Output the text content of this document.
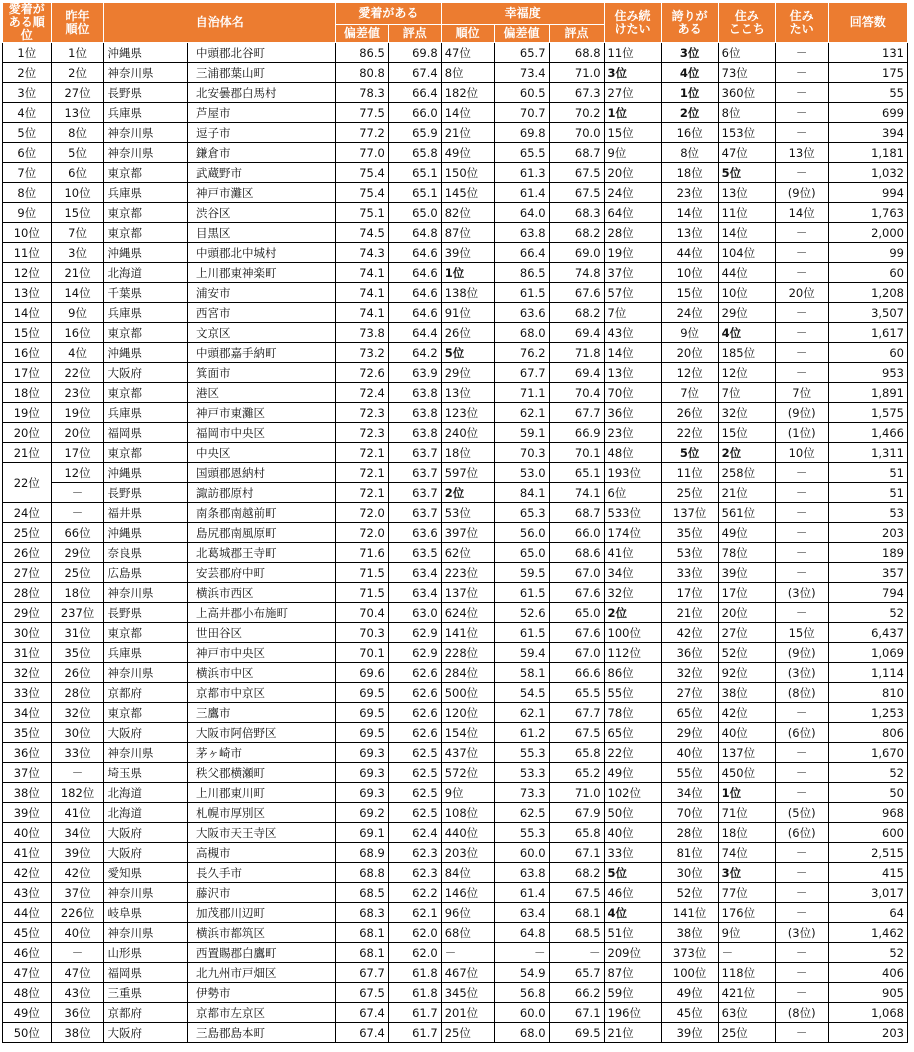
愛着が
ある順位	昨年
順位	自治体名		愛着がある		幸福度			住み続
けたい	誇りが
ある	住み
ここち	住み
たい	回答数
				偏差値	評点	順位	偏差値	評点					
1位	1位	沖縄県	中頭郡北谷町	86.5	69.8	47位	65.7	68.8	11位	3位	6位	－	131
2位	2位	神奈川県	三浦郡葉山町	80.8	67.4	8位	73.4	71.0	3位	4位	73位	－	175
3位	27位	長野県	北安曇郡白馬村	78.3	66.4	182位	60.5	67.3	27位	1位	360位	－	55
4位	13位	兵庫県	芦屋市	77.5	66.0	14位	70.7	70.2	1位	2位	8位	－	699
5位	8位	神奈川県	逗子市	77.2	65.9	21位	69.8	70.0	15位	16位	153位	－	394
6位	5位	神奈川県	鎌倉市	77.0	65.8	49位	65.5	68.7	9位	8位	47位	13位	1,181
7位	6位	東京都	武蔵野市	75.4	65.1	150位	61.3	67.5	20位	18位	5位	－	1,032
8位	10位	兵庫県	神戸市灘区	75.4	65.1	145位	61.4	67.5	24位	23位	13位	(9位)	994
9位	15位	東京都	渋谷区	75.1	65.0	82位	64.0	68.3	64位	14位	11位	14位	1,763
10位	7位	東京都	目黒区	74.5	64.8	87位	63.8	68.2	28位	13位	14位	－	2,000
11位	3位	沖縄県	中頭郡北中城村	74.3	64.6	39位	66.4	69.0	19位	44位	104位	－	99
12位	21位	北海道	上川郡東神楽町	74.1	64.6	1位	86.5	74.8	37位	10位	44位	－	60
13位	14位	千葉県	浦安市	74.1	64.6	138位	61.5	67.6	57位	15位	10位	20位	1,208
14位	9位	兵庫県	西宮市	74.1	64.6	91位	63.6	68.2	7位	24位	29位	－	3,507
15位	16位	東京都	文京区	73.8	64.4	26位	68.0	69.4	43位	9位	4位	－	1,617
16位	4位	沖縄県	中頭郡嘉手納町	73.2	64.2	5位	76.2	71.8	14位	20位	185位	－	60
17位	22位	大阪府	箕面市	72.6	63.9	29位	67.7	69.4	13位	12位	12位	－	953
18位	23位	東京都	港区	72.4	63.8	13位	71.1	70.4	70位	7位	7位	7位	1,891
19位	19位	兵庫県	神戸市東灘区	72.3	63.8	123位	62.1	67.7	36位	26位	32位	(9位)	1,575
20位	20位	福岡県	福岡市中央区	72.3	63.8	240位	59.1	66.9	23位	22位	15位	(1位)	1,466
21位	17位	東京都	中央区	72.1	63.7	18位	70.3	70.1	48位	5位	2位	10位	1,311
22位	12位	沖縄県	国頭郡恩納村	72.1	63.7	597位	53.0	65.1	193位	11位	258位	－	51
	－	長野県	諏訪郡原村	72.1	63.7	2位	84.1	74.1	6位	25位	21位	－	51
24位	－	福井県	南条郡南越前町	72.0	63.7	53位	65.3	68.7	533位	137位	561位	－	53
25位	66位	沖縄県	島尻郡南風原町	72.0	63.6	397位	56.0	66.0	174位	35位	49位	－	203
26位	29位	奈良県	北葛城郡王寺町	71.6	63.5	62位	65.0	68.6	41位	53位	78位	－	189
27位	25位	広島県	安芸郡府中町	71.5	63.4	223位	59.5	67.0	34位	33位	39位	－	357
28位	18位	神奈川県	横浜市西区	71.5	63.4	137位	61.5	67.6	32位	17位	17位	(3位)	794
29位	237位	長野県	上高井郡小布施町	70.4	63.0	624位	52.6	65.0	2位	21位	20位	－	52
30位	31位	東京都	世田谷区	70.3	62.9	141位	61.5	67.6	100位	42位	27位	15位	6,437
31位	35位	兵庫県	神戸市中央区	70.1	62.9	228位	59.4	67.0	112位	36位	52位	(9位)	1,069
32位	26位	神奈川県	横浜市中区	69.6	62.6	284位	58.1	66.6	86位	32位	92位	(3位)	1,114
33位	28位	京都府	京都市中京区	69.5	62.6	500位	54.5	65.5	55位	27位	38位	(8位)	810
34位	32位	東京都	三鷹市	69.5	62.6	120位	62.1	67.7	78位	65位	42位	－	1,253
35位	30位	大阪府	大阪市阿倍野区	69.5	62.6	154位	61.2	67.5	65位	29位	40位	(6位)	806
36位	33位	神奈川県	茅ヶ崎市	69.3	62.5	437位	55.3	65.8	22位	40位	137位	－	1,670
37位	－	埼玉県	秩父郡横瀬町	69.3	62.5	572位	53.3	65.2	49位	55位	450位	－	52
38位	182位	北海道	上川郡東川町	69.3	62.5	9位	73.3	71.0	102位	34位	1位	－	50
39位	41位	北海道	札幌市厚別区	69.2	62.5	108位	62.5	67.9	50位	70位	71位	(5位)	968
40位	34位	大阪府	大阪市天王寺区	69.1	62.4	440位	55.3	65.8	40位	28位	18位	(6位)	600
41位	39位	大阪府	高槻市	68.9	62.3	203位	60.0	67.1	33位	81位	74位	－	2,515
42位	42位	愛知県	長久手市	68.8	62.3	84位	63.8	68.2	5位	30位	3位	－	415
43位	37位	神奈川県	藤沢市	68.5	62.2	146位	61.4	67.5	46位	52位	77位	－	3,017
44位	226位	岐阜県	加茂郡川辺町	68.3	62.1	96位	63.4	68.1	4位	141位	176位	－	64
45位	40位	神奈川県	横浜市都筑区	68.1	62.0	68位	64.8	68.5	51位	38位	9位	(3位)	1,462
46位	－	山形県	西置賜郡白鷹町	68.1	62.0	－	－	－	209位	373位	－	－	52
47位	47位	福岡県	北九州市戸畑区	67.7	61.8	467位	54.9	65.7	87位	100位	118位	－	406
48位	43位	三重県	伊勢市	67.5	61.8	345位	56.8	66.2	59位	49位	421位	－	905
49位	36位	京都府	京都市左京区	67.4	61.7	201位	60.0	67.1	196位	45位	63位	(8位)	1,068
50位	38位	大阪府	三島郡島本町	67.4	61.7	25位	68.0	69.5	21位	39位	25位	－	203
